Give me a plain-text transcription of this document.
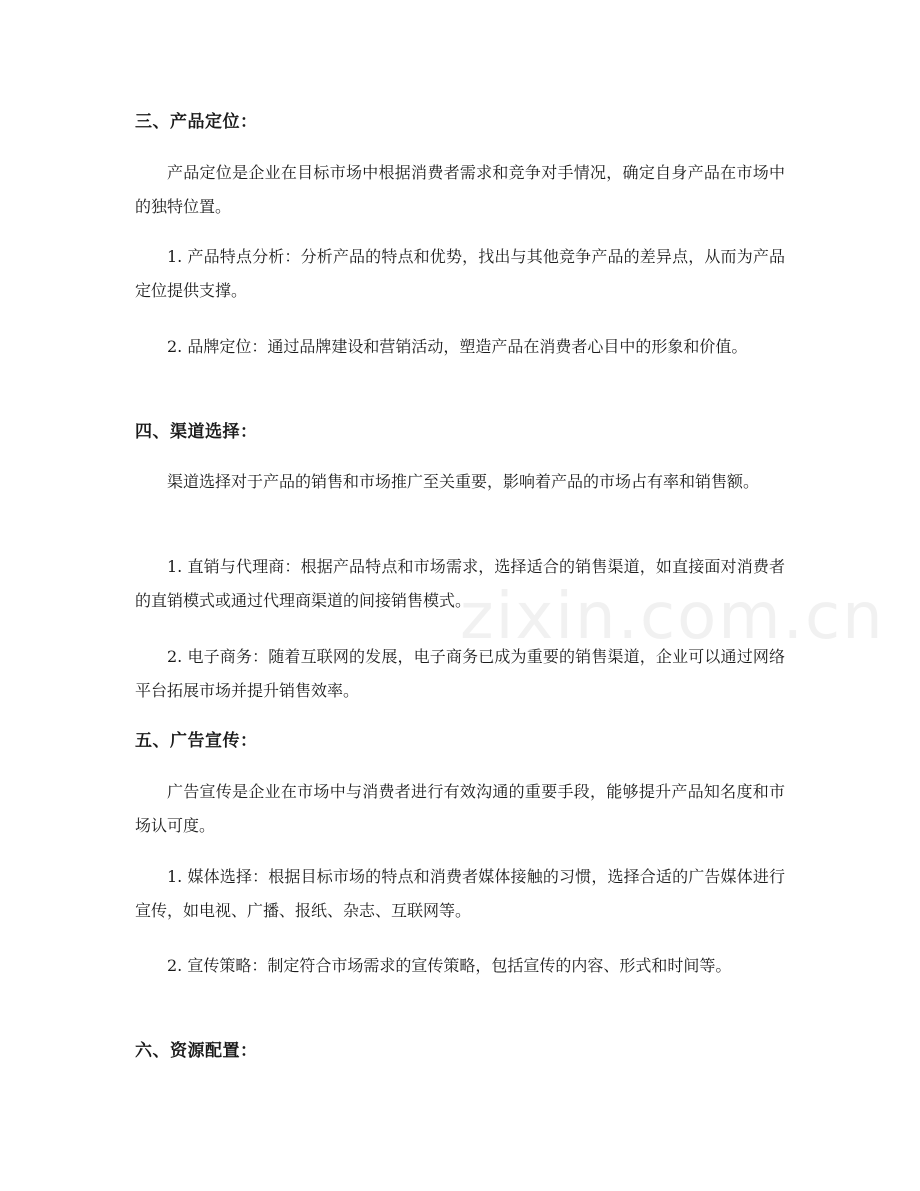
三、产品定位：

产品定位是企业在目标市场中根据消费者需求和竞争对手情况，确定自身产品在市场中的独特位置。

1. 产品特点分析：分析产品的特点和优势，找出与其他竞争产品的差异点，从而为产品定位提供支撑。

2. 品牌定位：通过品牌建设和营销活动，塑造产品在消费者心目中的形象和价值。

四、渠道选择：

渠道选择对于产品的销售和市场推广至关重要，影响着产品的市场占有率和销售额。

1. 直销与代理商：根据产品特点和市场需求，选择适合的销售渠道，如直接面对消费者的直销模式或通过代理商渠道的间接销售模式。

2. 电子商务：随着互联网的发展，电子商务已成为重要的销售渠道，企业可以通过网络平台拓展市场并提升销售效率。

五、广告宣传：

广告宣传是企业在市场中与消费者进行有效沟通的重要手段，能够提升产品知名度和市场认可度。

1. 媒体选择：根据目标市场的特点和消费者媒体接触的习惯，选择合适的广告媒体进行宣传，如电视、广播、报纸、杂志、互联网等。

2. 宣传策略：制定符合市场需求的宣传策略，包括宣传的内容、形式和时间等。

六、资源配置：
zixin.com.cn
